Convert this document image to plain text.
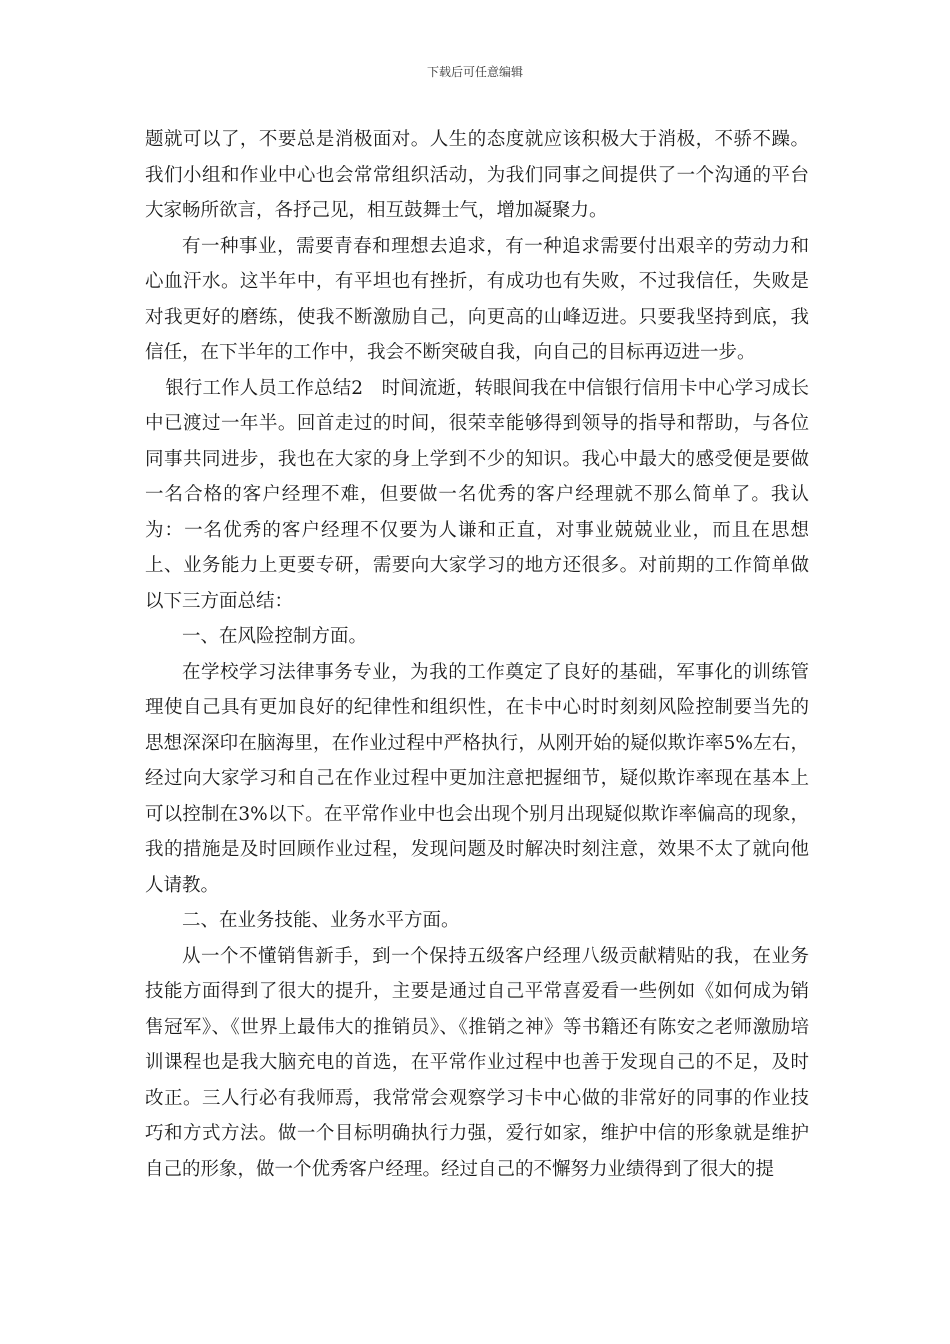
下载后可任意编辑

题就可以了，不要总是消极面对。人生的态度就应该积极大于消极，不骄不躁。我们小组和作业中心也会常常组织活动，为我们同事之间提供了一个沟通的平台大家畅所欲言，各抒己见，相互鼓舞士气，增加凝聚力。

有一种事业，需要青春和理想去追求，有一种追求需要付出艰辛的劳动力和心血汗水。这半年中，有平坦也有挫折，有成功也有失败，不过我信任，失败是对我更好的磨练，使我不断激励自己，向更高的山峰迈进。只要我坚持到底，我信任，在下半年的工作中，我会不断突破自我，向自己的目标再迈进一步。

银行工作人员工作总结2　时间流逝，转眼间我在中信银行信用卡中心学习成长中已渡过一年半。回首走过的时间，很荣幸能够得到领导的指导和帮助，与各位同事共同进步，我也在大家的身上学到不少的知识。我心中最大的感受便是要做一名合格的客户经理不难，但要做一名优秀的客户经理就不那么简单了。我认为：一名优秀的客户经理不仅要为人谦和正直，对事业兢兢业业，而且在思想上、业务能力上更要专研，需要向大家学习的地方还很多。对前期的工作简单做以下三方面总结：

一、在风险控制方面。

在学校学习法律事务专业，为我的工作奠定了良好的基础，军事化的训练管理使自己具有更加良好的纪律性和组织性，在卡中心时时刻刻风险控制要当先的思想深深印在脑海里，在作业过程中严格执行，从刚开始的疑似欺诈率5%左右，经过向大家学习和自己在作业过程中更加注意把握细节，疑似欺诈率现在基本上可以控制在3%以下。在平常作业中也会出现个别月出现疑似欺诈率偏高的现象，我的措施是及时回顾作业过程，发现问题及时解决时刻注意，效果不太了就向他人请教。

二、在业务技能、业务水平方面。

从一个不懂销售新手，到一个保持五级客户经理八级贡献精贴的我，在业务技能方面得到了很大的提升，主要是通过自己平常喜爱看一些例如《如何成为销售冠军》、《世界上最伟大的推销员》、《推销之神》等书籍还有陈安之老师激励培训课程也是我大脑充电的首选，在平常作业过程中也善于发现自己的不足，及时改正。三人行必有我师焉，我常常会观察学习卡中心做的非常好的同事的作业技巧和方式方法。做一个目标明确执行力强，爱行如家，维护中信的形象就是维护自己的形象，做一个优秀客户经理。经过自己的不懈努力业绩得到了很大的提
